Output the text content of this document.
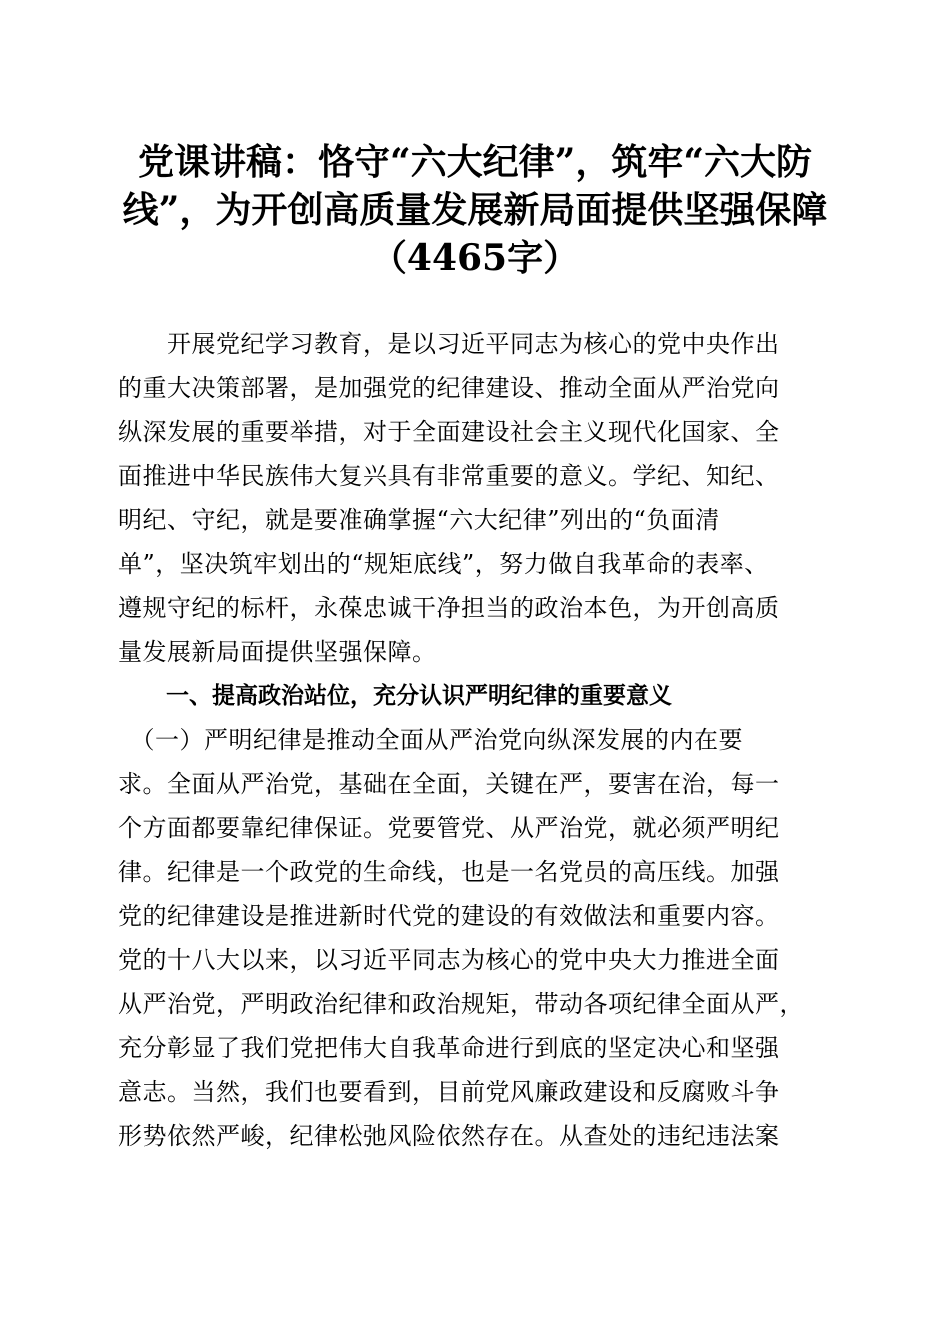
党课讲稿：恪守“六大纪律”，筑牢“六大防
线”，为开创高质量发展新局面提供坚强保障
（4465字）

　　开展党纪学习教育，是以习近平同志为核心的党中央作出
的重大决策部署，是加强党的纪律建设、推动全面从严治党向
纵深发展的重要举措，对于全面建设社会主义现代化国家、全
面推进中华民族伟大复兴具有非常重要的意义。学纪、知纪、
明纪、守纪，就是要准确掌握“六大纪律”列出的“负面清
单”，坚决筑牢划出的“规矩底线”，努力做自我革命的表率、
遵规守纪的标杆，永葆忠诚干净担当的政治本色，为开创高质
量发展新局面提供坚强保障。

一、提高政治站位，充分认识严明纪律的重要意义

　（一）严明纪律是推动全面从严治党向纵深发展的内在要
求。全面从严治党，基础在全面，关键在严，要害在治，每一
个方面都要靠纪律保证。党要管党、从严治党，就必须严明纪
律。纪律是一个政党的生命线，也是一名党员的高压线。加强
党的纪律建设是推进新时代党的建设的有效做法和重要内容。
党的十八大以来，以习近平同志为核心的党中央大力推进全面
从严治党，严明政治纪律和政治规矩，带动各项纪律全面从严，
充分彰显了我们党把伟大自我革命进行到底的坚定决心和坚强
意志。当然，我们也要看到，目前党风廉政建设和反腐败斗争
形势依然严峻，纪律松弛风险依然存在。从查处的违纪违法案
